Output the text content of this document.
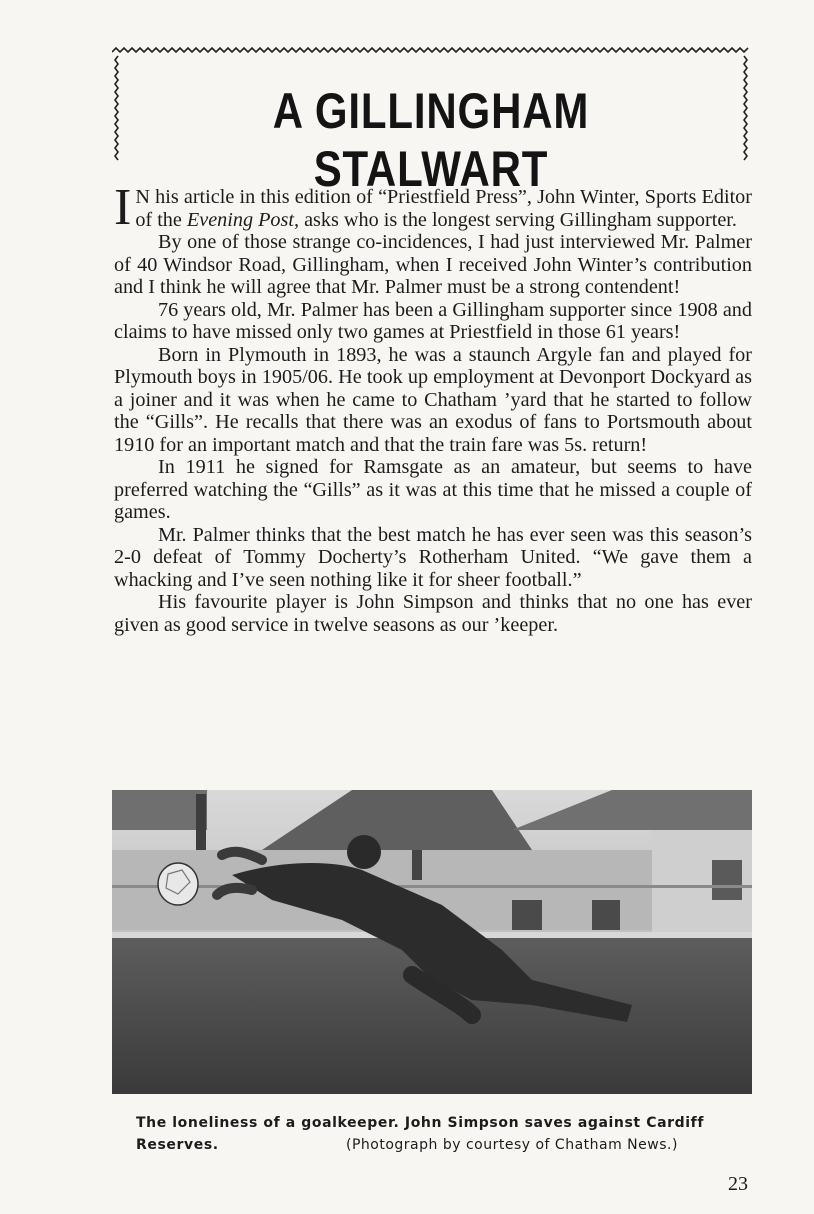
A GILLINGHAM STALWART

I N his article in this edition of “Priestfield Press”, John Winter, Sports Editor of the Evening Post, asks who is the longest serving Gillingham supporter.

By one of those strange co-incidences, I had just interviewed Mr. Palmer of 40 Windsor Road, Gillingham, when I received John Winter’s contribution and I think he will agree that Mr. Palmer must be a strong contendent!

76 years old, Mr. Palmer has been a Gillingham supporter since 1908 and claims to have missed only two games at Priestfield in those 61 years!

Born in Plymouth in 1893, he was a staunch Argyle fan and played for Plymouth boys in 1905/06. He took up employment at Devonport Dockyard as a joiner and it was when he came to Chatham ’yard that he started to follow the “Gills”. He recalls that there was an exodus of fans to Portsmouth about 1910 for an important match and that the train fare was 5s. return!

In 1911 he signed for Ramsgate as an amateur, but seems to have preferred watching the “Gills” as it was at this time that he missed a couple of games.

Mr. Palmer thinks that the best match he has ever seen was this season’s 2-0 defeat of Tommy Docherty’s Rotherham United. “We gave them a whacking and I’ve seen nothing like it for sheer football.”

His favourite player is John Simpson and thinks that no one has ever given as good service in twelve seasons as our ’keeper.

The loneliness of a goalkeeper. John Simpson saves against Cardiff
Reserves.	(Photograph by courtesy of Chatham News.)
23
